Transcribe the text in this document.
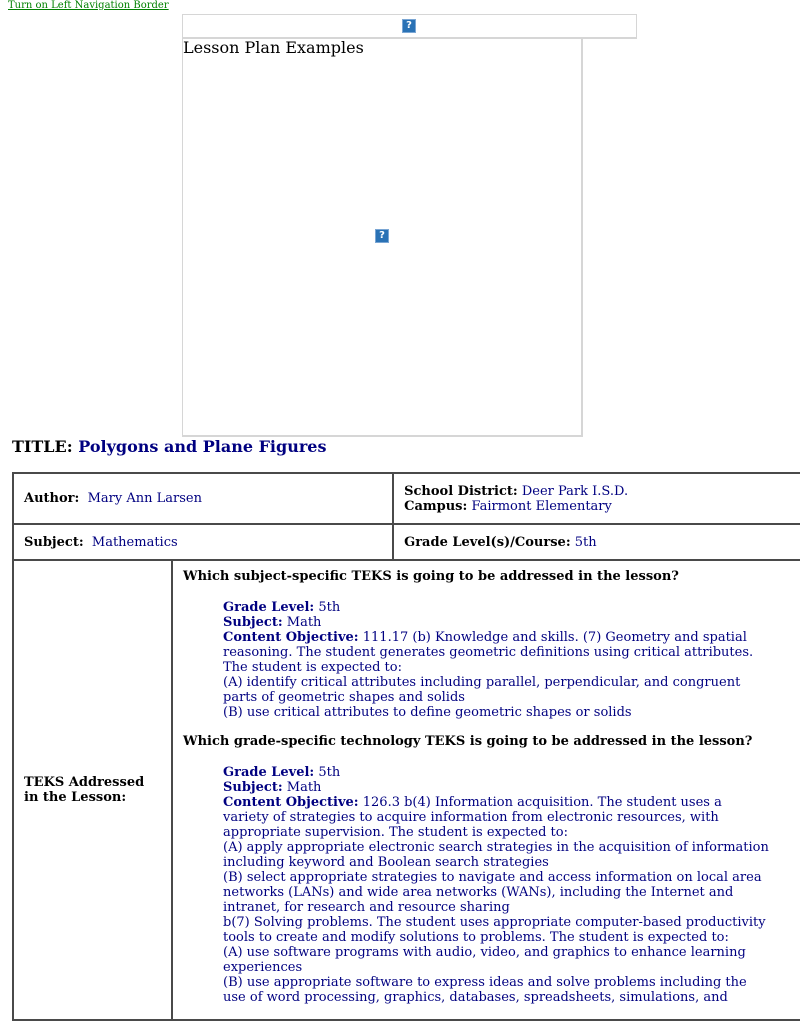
Turn on Left Navigation Border
?
Lesson Plan Examples
?
TITLE: Polygons and Plane Figures
Author: Mary Ann Larsen		School District: Deer Park I.S.D.
Campus: Fairmont Elementary
Subject: Mathematics		Grade Level(s)/Course: 5th
TEKS Addressed in the Lesson:	
Which subject-specific TEKS is going to be addressed in the lesson?
Grade Level: 5th
Subject: Math
Content Objective: 111.17 (b) Knowledge and skills. (7) Geometry and spatial reasoning. The student generates geometric definitions using critical attributes. The student is expected to:
(A) identify critical attributes including parallel, perpendicular, and congruent parts of geometric shapes and solids
(B) use critical attributes to define geometric shapes or solids
Which grade-specific technology TEKS is going to be addressed in the lesson?
Grade Level: 5th
Subject: Math
Content Objective: 126.3 b(4) Information acquisition. The student uses a variety of strategies to acquire information from electronic resources, with appropriate supervision. The student is expected to:
(A) apply appropriate electronic search strategies in the acquisition of information including keyword and Boolean search strategies
(B) select appropriate strategies to navigate and access information on local area networks (LANs) and wide area networks (WANs), including the Internet and intranet, for research and resource sharing
b(7) Solving problems. The student uses appropriate computer-based productivity tools to create and modify solutions to problems. The student is expected to:
(A) use software programs with audio, video, and graphics to enhance learning experiences
(B) use appropriate software to express ideas and solve problems including the use of word processing, graphics, databases, spreadsheets, simulations, and
